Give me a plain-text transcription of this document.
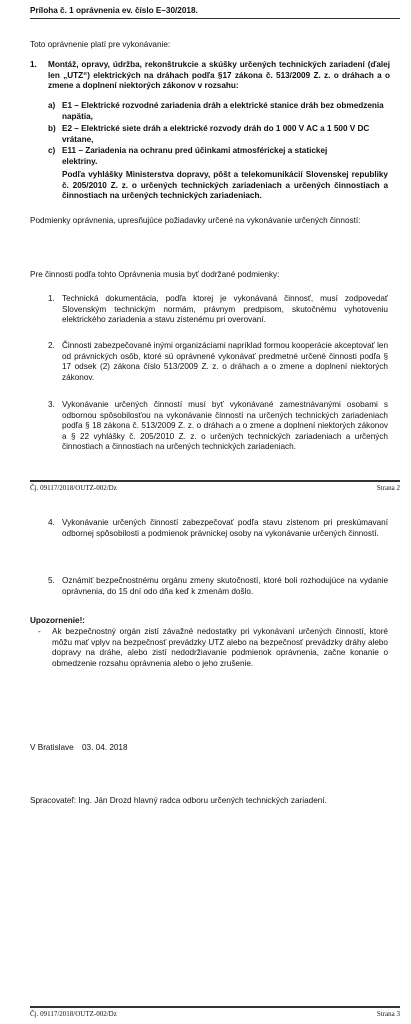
Príloha č. 1 oprávnenia ev. číslo E–30/2018.
Toto oprávnenie platí pre vykonávanie:
1.	Montáž, opravy, údržba, rekonštrukcie a skúšky určených technických zariadení (ďalej len „UTZ“) elektrických na dráhach podľa §17 zákona č. 513/2009 Z. z. o dráhach a o zmene a doplnení niektorých zákonov v rozsahu:
a) E1 – Elektrické rozvodné zariadenia dráh a elektrické stanice dráh bez obmedzenia napätia,
b) E2 – Elektrické siete dráh a elektrické rozvody dráh do 1 000 V AC a 1 500 V DC vrátane,
c) E11 – Zariadenia na ochranu pred účinkami atmosférickej a statickej elektriny.
Podľa vyhlášky Ministerstva dopravy, pôšt a telekomunikácií Slovenskej republiky č. 205/2010 Z. z. o určených technických zariadeniach a určených činnostiach a činnostiach na určených technických zariadeniach.
Podmienky oprávnenia, upresňujúce požiadavky určené na vykonávanie určených činností:
Pre činnosti podľa tohto Oprávnenia musia byť dodržané podmienky:
1. Technická dokumentácia, podľa ktorej je vykonávaná činnosť, musí zodpovedať Slovenským technickým normám, právnym predpisom, skutočnému vyhotoveniu elektrického zariadenia a stavu zistenému pri overovaní.
2. Činnosti zabezpečované inými organizáciami napríklad formou kooperácie akceptovať len od právnických osôb, ktoré sú oprávnené vykonávať predmetné určené činnosti podľa § 17 odsek (2) zákona číslo 513/2009 Z. z. o dráhach a o zmene a doplnení niektorých zákonov.
3. Vykonávanie určených činností musí byť vykonávané zamestnávanými osobami s odbornou spôsobilosťou na vykonávanie činností na určených technických zariadeniach podľa § 18 zákona č. 513/2009 Z. z. o dráhach a o zmene a doplnení niektorých zákonov a § 22 vyhlášky č. 205/2010 Z. z. o určených technických zariadeniach a určených činnostiach a činnostiach na určených technických zariadeniach.
Čj. 09117/2018/OUTZ-002/Dz	Strana 2
4. Vykonávanie určených činností zabezpečovať podľa stavu zistenom pri preskúmavaní odbornej spôsobilosti a podmienok právnickej osoby na vykonávanie určených činností.
5. Oznámiť bezpečnostnému orgánu zmeny skutočností, ktoré boli rozhodujúce na vydanie oprávnenia, do 15 dní odo dňa keď k zmenám došlo.
Upozornenie!:
-	Ak bezpečnostný orgán zistí závažné nedostatky pri vykonávaní určených činností, ktoré môžu mať vplyv na bezpečnosť prevádzky UTZ alebo na bezpečnosť prevádzky dráhy alebo dopravy na dráhe, alebo zistí nedodržiavanie podmienok oprávnenia, začne konanie o obmedzenie rozsahu oprávnenia alebo o jeho zrušenie.
V Bratislave	03. 04. 2018
Spracovateľ: Ing. Ján Drozd hlavný radca odboru určených technických zariadení.
Čj. 09117/2018/OUTZ-002/Dz	Strana 3
